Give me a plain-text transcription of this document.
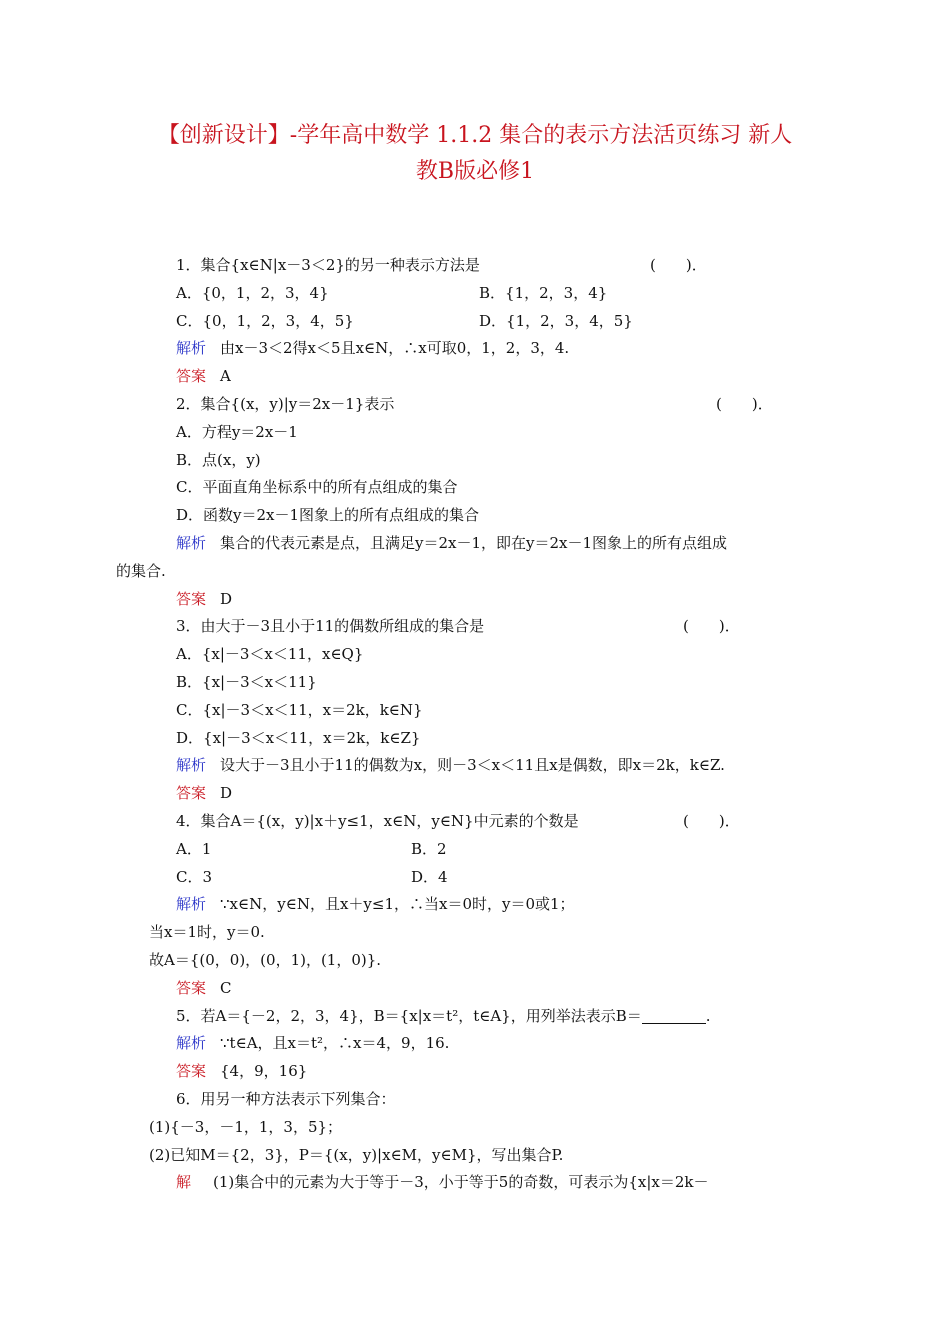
【创新设计】-学年高中数学 1.1.2 集合的表示方法活页练习 新人
教B版必修1
1．集合{x∈N|x－3＜2}的另一种表示方法是	(　　)．
A．{0，1，2，3，4}	B．{1，2，3，4}
C．{0，1，2，3，4，5}	D．{1，2，3，4，5}
解析 由x－3＜2得x＜5且x∈N，∴x可取0，1，2，3，4.
答案 A
2．集合{(x，y)|y＝2x－1}表示	(　　)．
A．方程y＝2x－1
B．点(x，y)
C．平面直角坐标系中的所有点组成的集合
D．函数y＝2x－1图象上的所有点组成的集合
解析 集合的代表元素是点，且满足y＝2x－1，即在y＝2x－1图象上的所有点组成
的集合.
答案 D
3．由大于－3且小于11的偶数所组成的集合是	(　　)．
A．{x|－3＜x＜11，x∈Q}
B．{x|－3＜x＜11}
C．{x|－3＜x＜11，x＝2k，k∈N}
D．{x|－3＜x＜11，x＝2k，k∈Z}
解析 设大于－3且小于11的偶数为x，则－3＜x＜11且x是偶数，即x＝2k，k∈Z.
答案 D
4．集合A＝{(x，y)|x＋y≤1，x∈N，y∈N}中元素的个数是	(　　)．
A．1	B．2
C．3	D．4
解析 ∵x∈N，y∈N，且x＋y≤1，∴当x＝0时，y＝0或1；
当x＝1时，y＝0.
故A＝{(0，0)，(0，1)，(1，0)}.
答案 C
5．若A＝{－2，2，3，4}，B＝{x|x＝t²，t∈A}，用列举法表示B＝	.
解析 ∵t∈A，且x＝t²，∴x＝4，9，16.
答案 {4，9，16}
6．用另一种方法表示下列集合：
(1){－3，－1，1，3，5}；
(2)已知M＝{2，3}，P＝{(x，y)|x∈M，y∈M}，写出集合P.
解 (1)集合中的元素为大于等于－3，小于等于5的奇数，可表示为{x|x＝2k－
